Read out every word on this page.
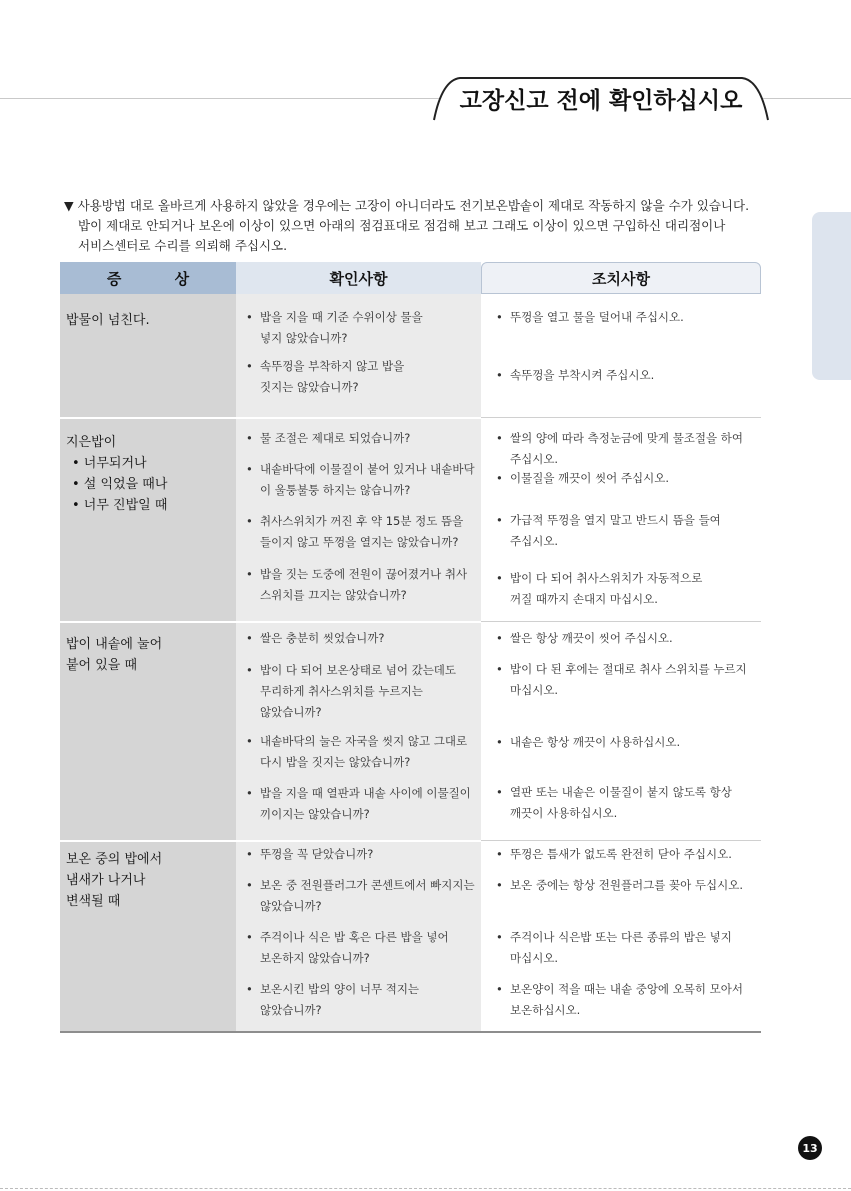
고장신고 전에 확인하십시오

▼ 사용방법 대로 올바르게 사용하지 않았을 경우에는 고장이 아니더라도 전기보온밥솥이 제대로 작동하지 않을 수가 있습니다.

밥이 제대로 안되거나 보온에 이상이 있으면 아래의 점검표대로 점검해 보고 그래도 이상이 있으면 구입하신 대리점이나

서비스센터로 수리를 의뢰해 주십시오.

증 상	확인사항	조치사항
밥물이 넘친다.
•	밥을 지을 때 기준 수위이상 물을
넣지 않았습니까?
• 속뚜껑을 부착하지 않고 밥을
짓지는 않았습니까?
• 뚜껑을 열고 물을 덜어내 주십시오.
• 속뚜껑을 부착시켜 주십시오.
지은밥이
• 너무되거나
• 설 익었을 때나
• 너무 진밥일 때
• 물 조절은 제대로 되었습니까?
• 내솥바닥에 이물질이 붙어 있거나 내솥바닥
이 울퉁불퉁 하지는 않습니까?
• 취사스위치가 꺼진 후 약 15분 정도 뜸을
들이지 않고 뚜껑을 열지는 않았습니까?
• 밥을 짓는 도중에 전원이 끊어졌거나 취사
스위치를 끄지는 않았습니까?
• 쌀의 양에 따라 측정눈금에 맞게 물조절을 하여
주십시오.
• 이물질을 깨끗이 씻어 주십시오.
• 가급적 뚜껑을 열지 말고 반드시 뜸을 들여
주십시오.
• 밥이 다 되어 취사스위치가 자동적으로
꺼질 때까지 손대지 마십시오.
밥이 내솥에 눌어
붙어 있을 때
• 쌀은 충분히 씻었습니까?
• 밥이 다 되어 보온상태로 넘어 갔는데도
무리하게 취사스위치를 누르지는
않았습니까?
• 내솥바닥의 눌은 자국을 씻지 않고 그대로
다시 밥을 짓지는 않았습니까?
• 밥을 지을 때 열판과 내솥 사이에 이물질이
끼이지는 않았습니까?
• 쌀은 항상 깨끗이 씻어 주십시오.
• 밥이 다 된 후에는 절대로 취사 스위치를 누르지
마십시오.
• 내솥은 항상 깨끗이 사용하십시오.
• 열판 또는 내솥은 이물질이 붙지 않도록 항상
깨끗이 사용하십시오.
보온 중의 밥에서
냄새가 나거나
변색될 때
• 뚜껑을 꼭 닫았습니까?
• 보온 중 전원플러그가 콘센트에서 빠지지는
않았습니까?
• 주걱이나 식은 밥 혹은 다른 밥을 넣어
보온하지 않았습니까?
• 보온시킨 밥의 양이 너무 적지는
않았습니까?
• 뚜껑은 틈새가 없도록 완전히 닫아 주십시오.
• 보온 중에는 항상 전원플러그를 꽂아 두십시오.
• 주걱이나 식은밥 또는 다른 종류의 밥은 넣지
마십시오.
• 보온양이 적을 때는 내솥 중앙에 오목히 모아서
보온하십시오.
13
